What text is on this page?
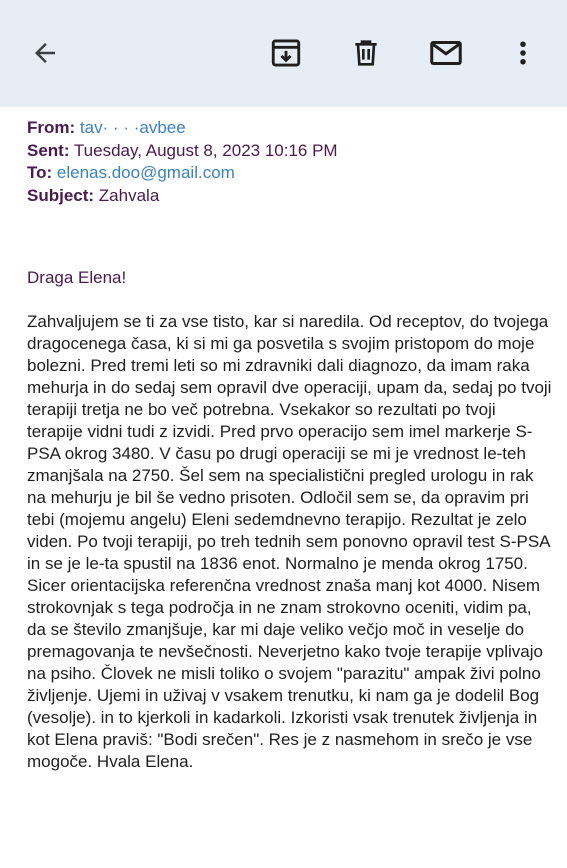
From: tav· · · ·avbee
Sent: Tuesday, August 8, 2023 10:16 PM
To: elenas.doo@gmail.com
Subject: Zahvala
Draga Elena!
Zahvaljujem se ti za vse tisto, kar si naredila. Od receptov, do tvojega dragocenega časa, ki si mi ga posvetila s svojim pristopom do moje bolezni. Pred tremi leti so mi zdravniki dali diagnozo, da imam raka mehurja in do sedaj sem opravil dve operaciji, upam da, sedaj po tvoji terapiji tretja ne bo več potrebna. Vsekakor so rezultati po tvoji terapije vidni tudi z izvidi. Pred prvo operacijo sem imel markerje S-PSA okrog 3480. V času po drugi operaciji se mi je vrednost le-teh zmanjšala na 2750. Šel sem na specialistični pregled urologu in rak na mehurju je bil še vedno prisoten. Odločil sem se, da opravim pri tebi (mojemu angelu) Eleni sedemdnevno terapijo. Rezultat je zelo viden. Po tvoji terapiji, po treh tednih sem ponovno opravil test S-PSA in se je le-ta spustil na 1836 enot. Normalno je menda okrog 1750. Sicer orientacijska referenčna vrednost znaša manj kot 4000. Nisem strokovnjak s tega področja in ne znam strokovno oceniti, vidim pa, da se število zmanjšuje, kar mi daje veliko večjo moč in veselje do premagovanja te nevšečnosti. Neverjetno kako tvoje terapije vplivajo na psiho. Človek ne misli toliko o svojem "parazitu" ampak živi polno življenje. Ujemi in uživaj v vsakem trenutku, ki nam ga je dodelil Bog (vesolje). in to kjerkoli in kadarkoli. Izkoristi vsak trenutek življenja in kot Elena praviš: "Bodi srečen". Res je z nasmehom in srečo je vse mogoče. Hvala Elena.
